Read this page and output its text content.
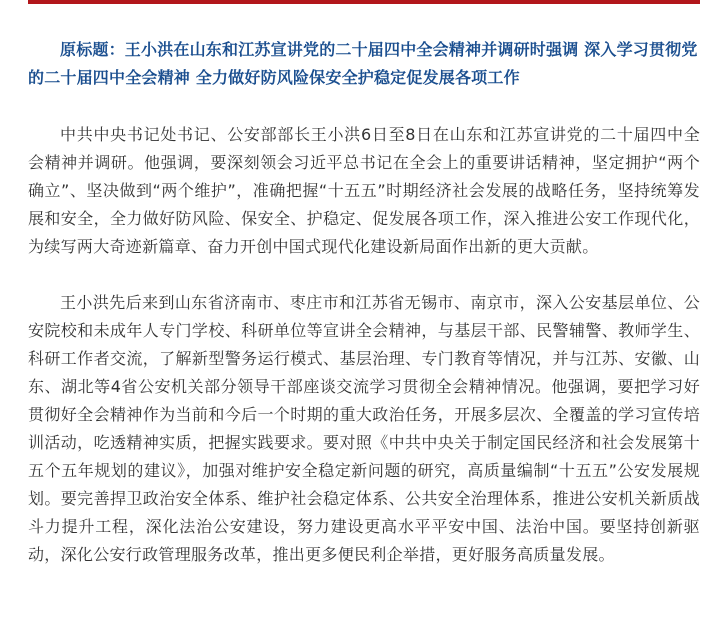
原标题：王小洪在山东和江苏宣讲党的二十届四中全会精神并调研时强调 深入学习贯彻党的二十届四中全会精神 全力做好防风险保安全护稳定促发展各项工作

中共中央书记处书记、公安部部长王小洪6日至8日在山东和江苏宣讲党的二十届四中全会精神并调研。他强调，要深刻领会习近平总书记在全会上的重要讲话精神，坚定拥护“两个确立”、坚决做到“两个维护”，准确把握“十五五”时期经济社会发展的战略任务，坚持统筹发展和安全，全力做好防风险、保安全、护稳定、促发展各项工作，深入推进公安工作现代化，为续写两大奇迹新篇章、奋力开创中国式现代化建设新局面作出新的更大贡献。

王小洪先后来到山东省济南市、枣庄市和江苏省无锡市、南京市，深入公安基层单位、公安院校和未成年人专门学校、科研单位等宣讲全会精神，与基层干部、民警辅警、教师学生、科研工作者交流，了解新型警务运行模式、基层治理、专门教育等情况，并与江苏、安徽、山东、湖北等4省公安机关部分领导干部座谈交流学习贯彻全会精神情况。他强调，要把学习好贯彻好全会精神作为当前和今后一个时期的重大政治任务，开展多层次、全覆盖的学习宣传培训活动，吃透精神实质，把握实践要求。要对照《中共中央关于制定国民经济和社会发展第十五个五年规划的建议》，加强对维护安全稳定新问题的研究，高质量编制“十五五”公安发展规划。要完善捍卫政治安全体系、维护社会稳定体系、公共安全治理体系，推进公安机关新质战斗力提升工程，深化法治公安建设，努力建设更高水平平安中国、法治中国。要坚持创新驱动，深化公安行政管理服务改革，推出更多便民利企举措，更好服务高质量发展。
